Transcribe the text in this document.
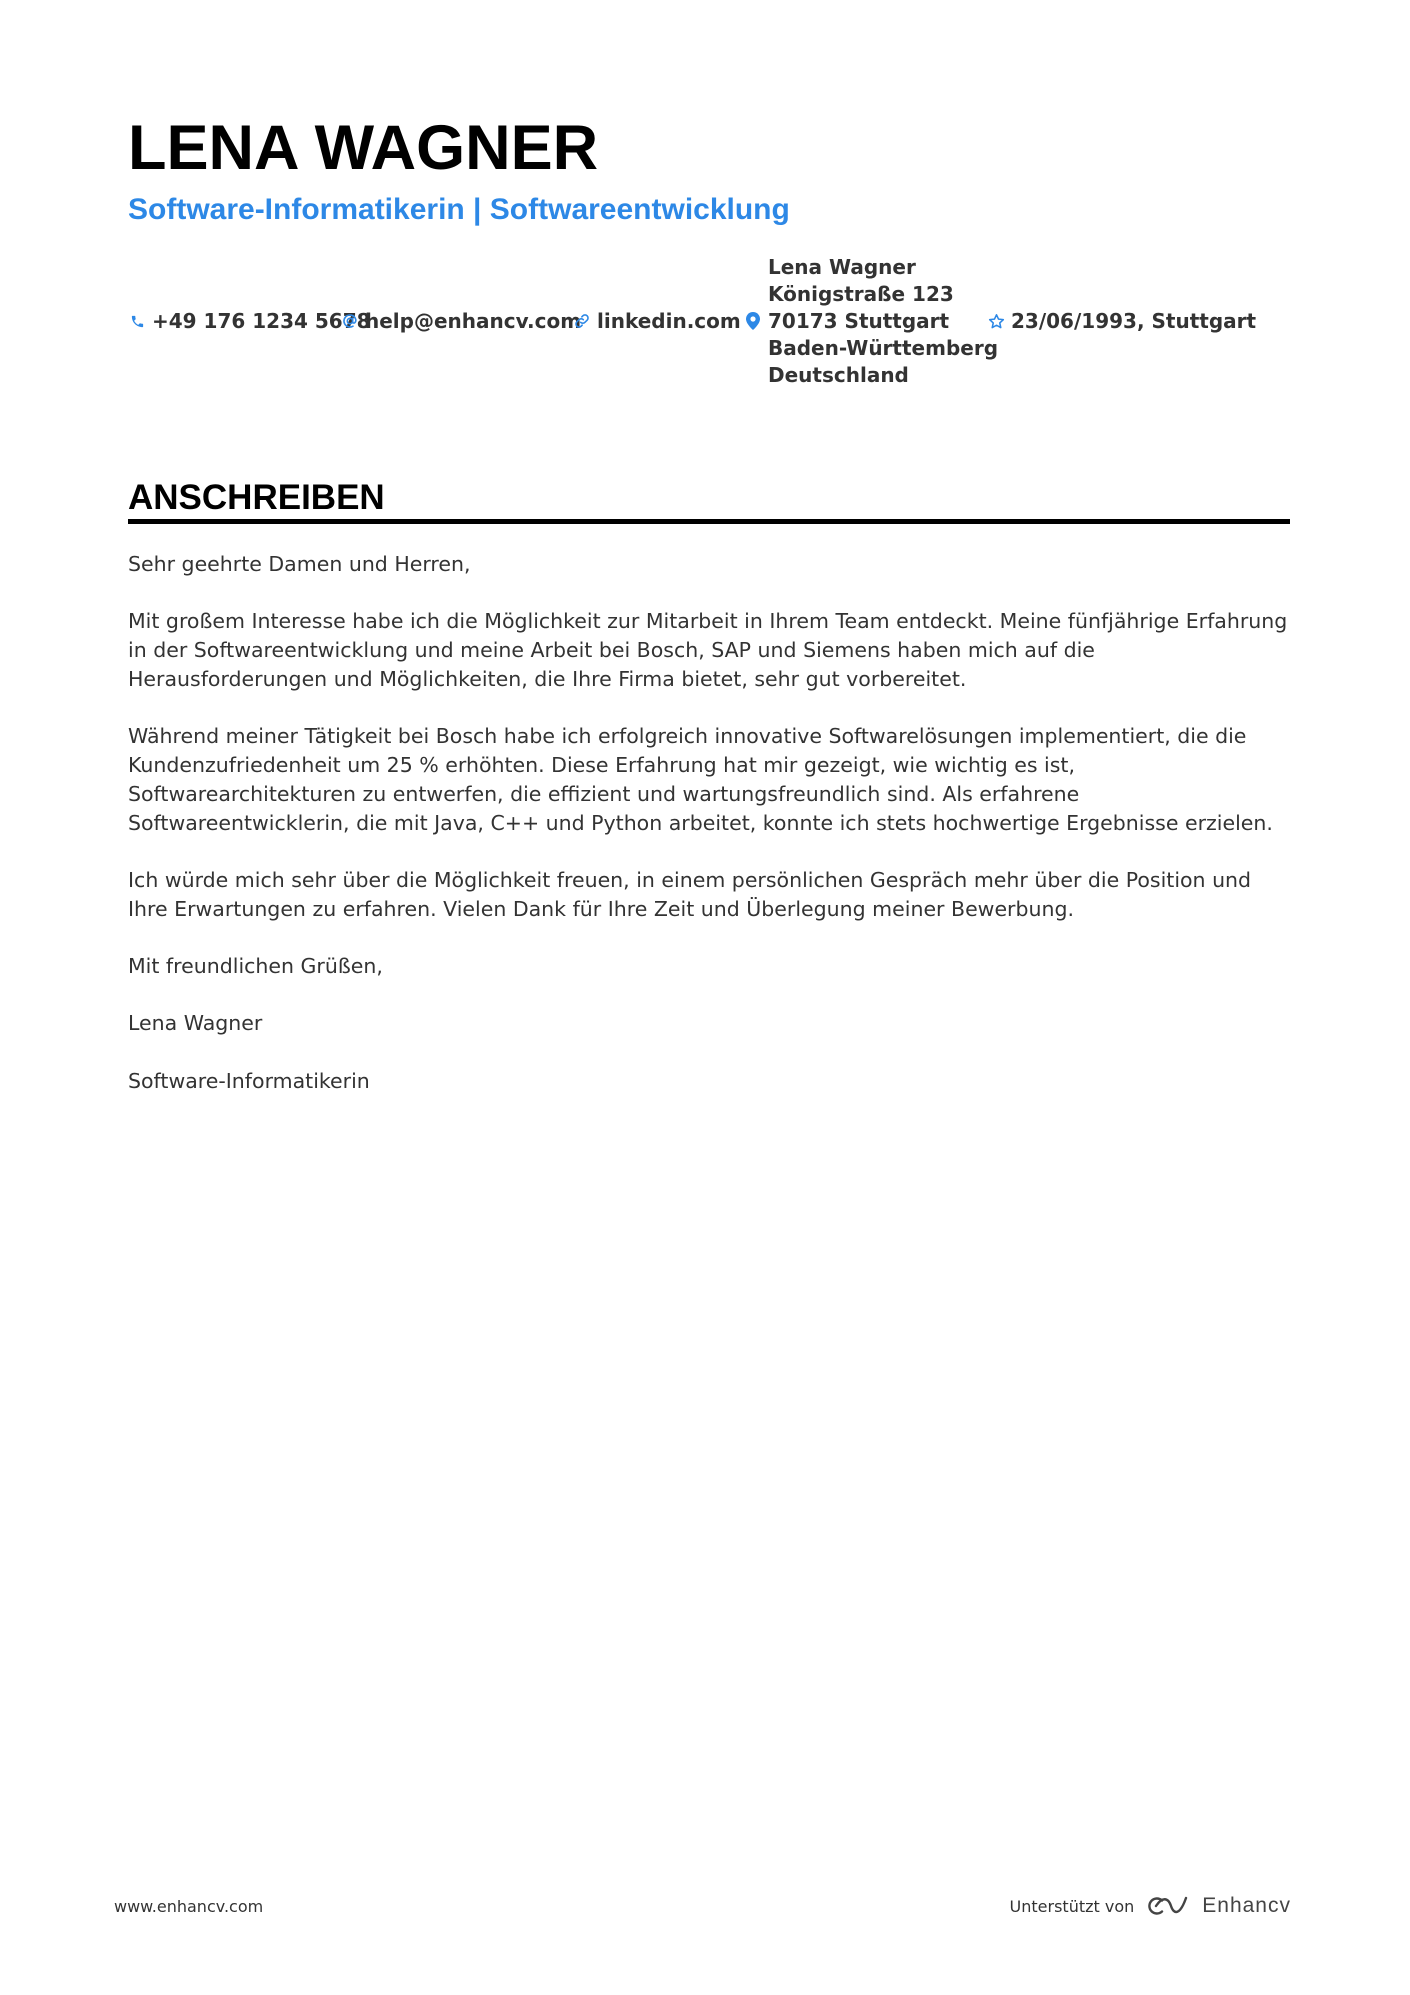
LENA WAGNER
Software-Informatikerin | Softwareentwicklung
+49 176 1234 5678
help@enhancv.com linkedin.com
Lena Wagner
Königstraße 123
70173 Stuttgart
Baden-Württemberg
Deutschland
23/06/1993, Stuttgart
ANSCHREIBEN

Sehr geehrte Damen und Herren,

Mit großem Interesse habe ich die Möglichkeit zur Mitarbeit in Ihrem Team entdeckt. Meine fünfjährige Erfahrung in der Softwareentwicklung und meine Arbeit bei Bosch, SAP und Siemens haben mich auf die Herausforderungen und Möglichkeiten, die Ihre Firma bietet, sehr gut vorbereitet.

Während meiner Tätigkeit bei Bosch habe ich erfolgreich innovative Softwarelösungen implementiert, die die Kundenzufriedenheit um 25 % erhöhten. Diese Erfahrung hat mir gezeigt, wie wichtig es ist, Softwarearchitekturen zu entwerfen, die effizient und wartungsfreundlich sind. Als erfahrene Softwareentwicklerin, die mit Java, C++ und Python arbeitet, konnte ich stets hochwertige Ergebnisse erzielen.

Ich würde mich sehr über die Möglichkeit freuen, in einem persönlichen Gespräch mehr über die Position und Ihre Erwartungen zu erfahren. Vielen Dank für Ihre Zeit und Überlegung meiner Bewerbung.

Mit freundlichen Grüßen,

Lena Wagner

Software-Informatikerin

www.enhancv.com	Unterstützt von	Enhancv
